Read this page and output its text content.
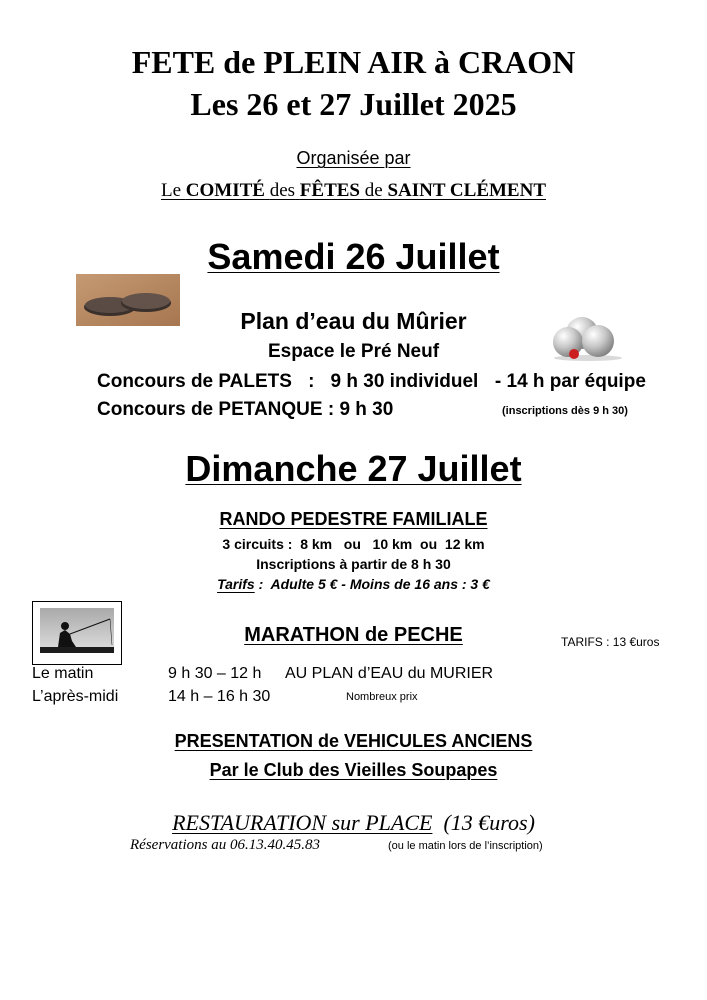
FETE de PLEIN AIR à CRAON
Les 26 et 27 Juillet 2025
Organisée par
Le COMITÉ des FÊTES de SAINT CLÉMENT
Samedi 26 Juillet
Plan d’eau du Mûrier
Espace le Pré Neuf
Concours de PALETS : 9 h 30 individuel - 14 h par équipe
Concours de PETANQUE : 9 h 30	(inscriptions dès 9 h 30)
Dimanche 27 Juillet
RANDO PEDESTRE FAMILIALE
3 circuits : 8 km   ou   10 km  ou  12 km
Inscriptions à partir de 8 h 30
Tarifs :  Adulte 5 € - Moins de 16 ans : 3 €
MARATHON de PECHE	TARIFS : 13 €uros
Le matin	9 h 30 – 12 h AU PLAN d’EAU du MURIER
L’après-midi	14 h – 16 h 30	Nombreux prix
PRESENTATION de VEHICULES ANCIENS
Par le Club des Vieilles Soupapes
RESTAURATION sur PLACE (13 €uros)
Réservations au 06.13.40.45.83	(ou le matin lors de l’inscription)
